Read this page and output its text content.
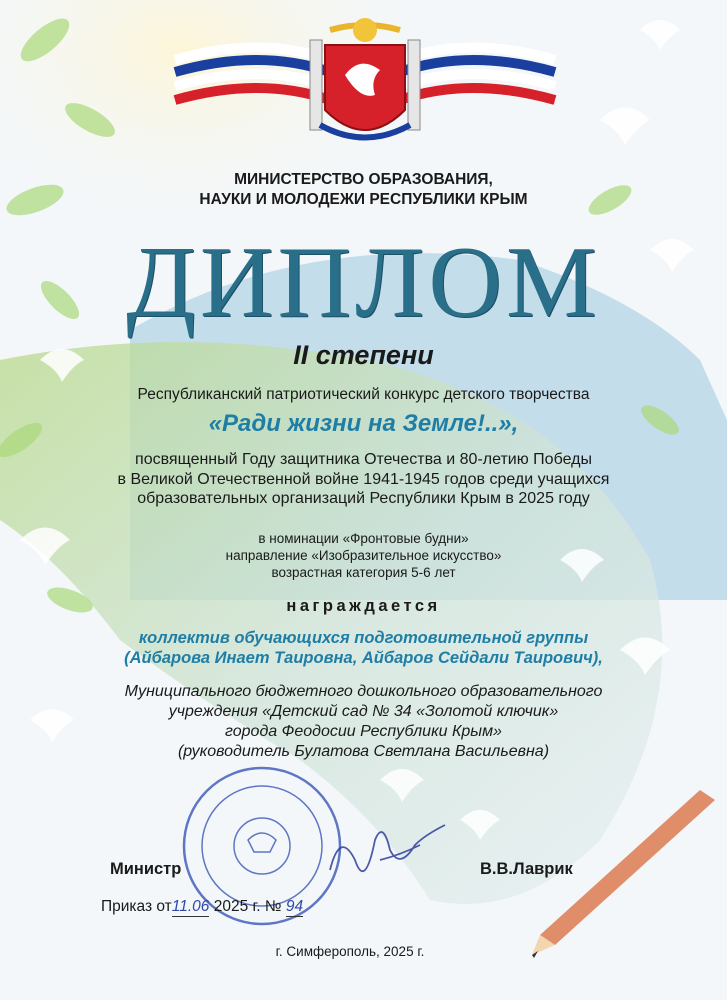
МИНИСТЕРСТВО ОБРАЗОВАНИЯ,
НАУКИ И МОЛОДЕЖИ РЕСПУБЛИКИ КРЫМ
ДИПЛОМ
II степени
Республиканский патриотический конкурс детского творчества
«Ради жизни на Земле!..»,
посвященный Году защитника Отечества и 80-летию Победы
в Великой Отечественной войне 1941-1945 годов среди учащихся
образовательных организаций Республики Крым в 2025 году
в номинации «Фронтовые будни»
направление «Изобразительное искусство»
возрастная категория 5-6 лет
награждается
коллектив обучающихся подготовительной группы
(Айбарова Инает Таировна, Айбаров Сейдали Таирович),
Муниципального бюджетного дошкольного образовательного
учреждения «Детский сад № 34 «Золотой ключик»
города Феодосии Республики Крым»
(руководитель Булатова Светлана Васильевна)
Министр	В.В.Лаврик
Приказ от11.06 2025 г. № 94
г. Симферополь, 2025 г.
